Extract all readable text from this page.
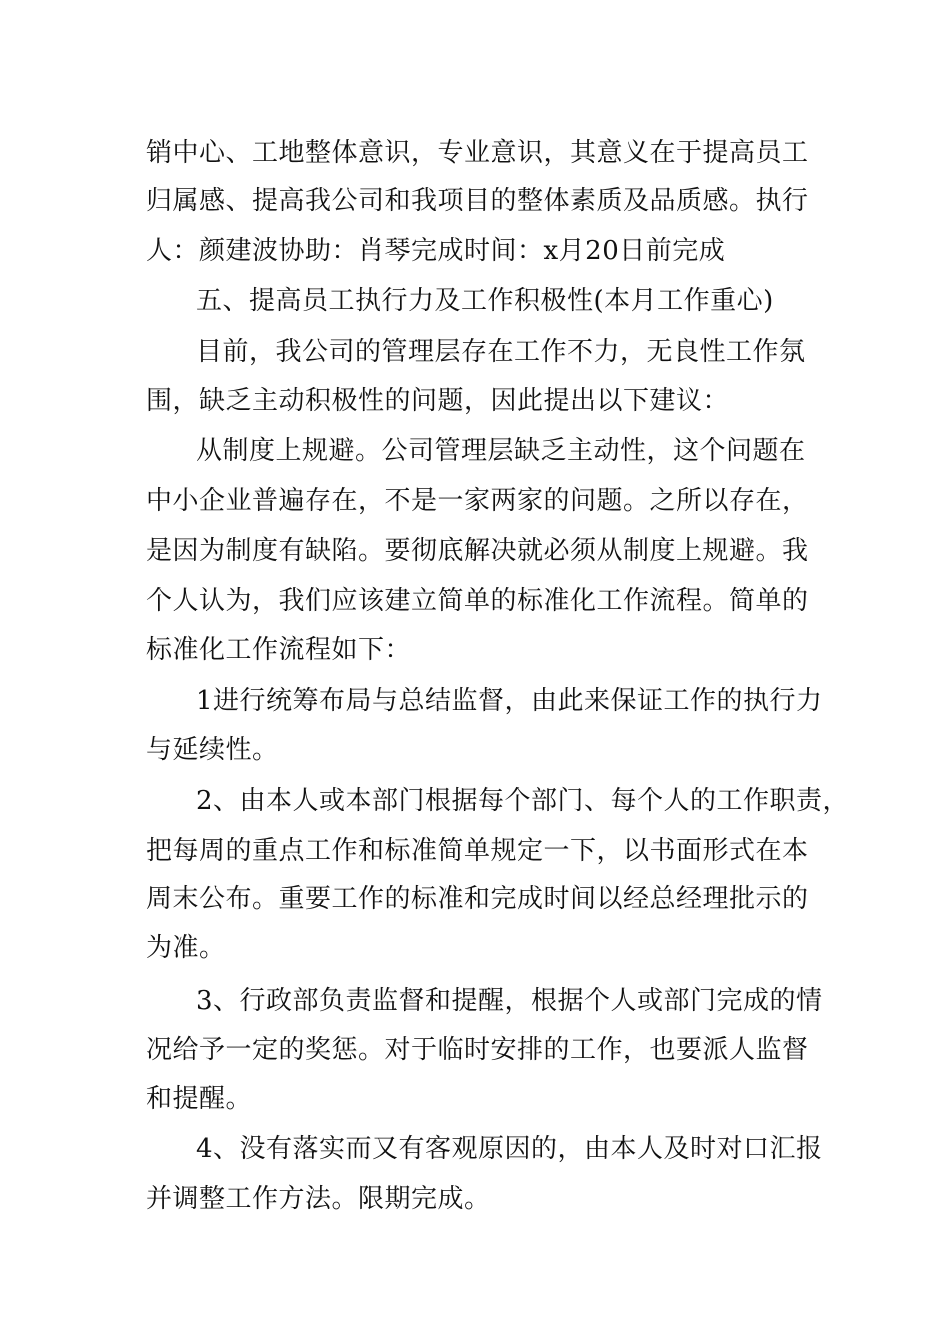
销中心、工地整体意识，专业意识，其意义在于提高员工
归属感、提高我公司和我项目的整体素质及品质感。执行
人：颜建波协助：肖琴完成时间：x月20日前完成
五、提高员工执行力及工作积极性(本月工作重心)
目前，我公司的管理层存在工作不力，无良性工作氛
围，缺乏主动积极性的问题，因此提出以下建议：
从制度上规避。公司管理层缺乏主动性，这个问题在
中小企业普遍存在，不是一家两家的问题。之所以存在，
是因为制度有缺陷。要彻底解决就必须从制度上规避。我
个人认为，我们应该建立简单的标准化工作流程。简单的
标准化工作流程如下：
1进行统筹布局与总结监督，由此来保证工作的执行力
与延续性。
2、由本人或本部门根据每个部门、每个人的工作职责，
把每周的重点工作和标准简单规定一下，以书面形式在本
周末公布。重要工作的标准和完成时间以经总经理批示的
为准。
3、行政部负责监督和提醒，根据个人或部门完成的情
况给予一定的奖惩。对于临时安排的工作，也要派人监督
和提醒。
4、没有落实而又有客观原因的，由本人及时对口汇报
并调整工作方法。限期完成。
